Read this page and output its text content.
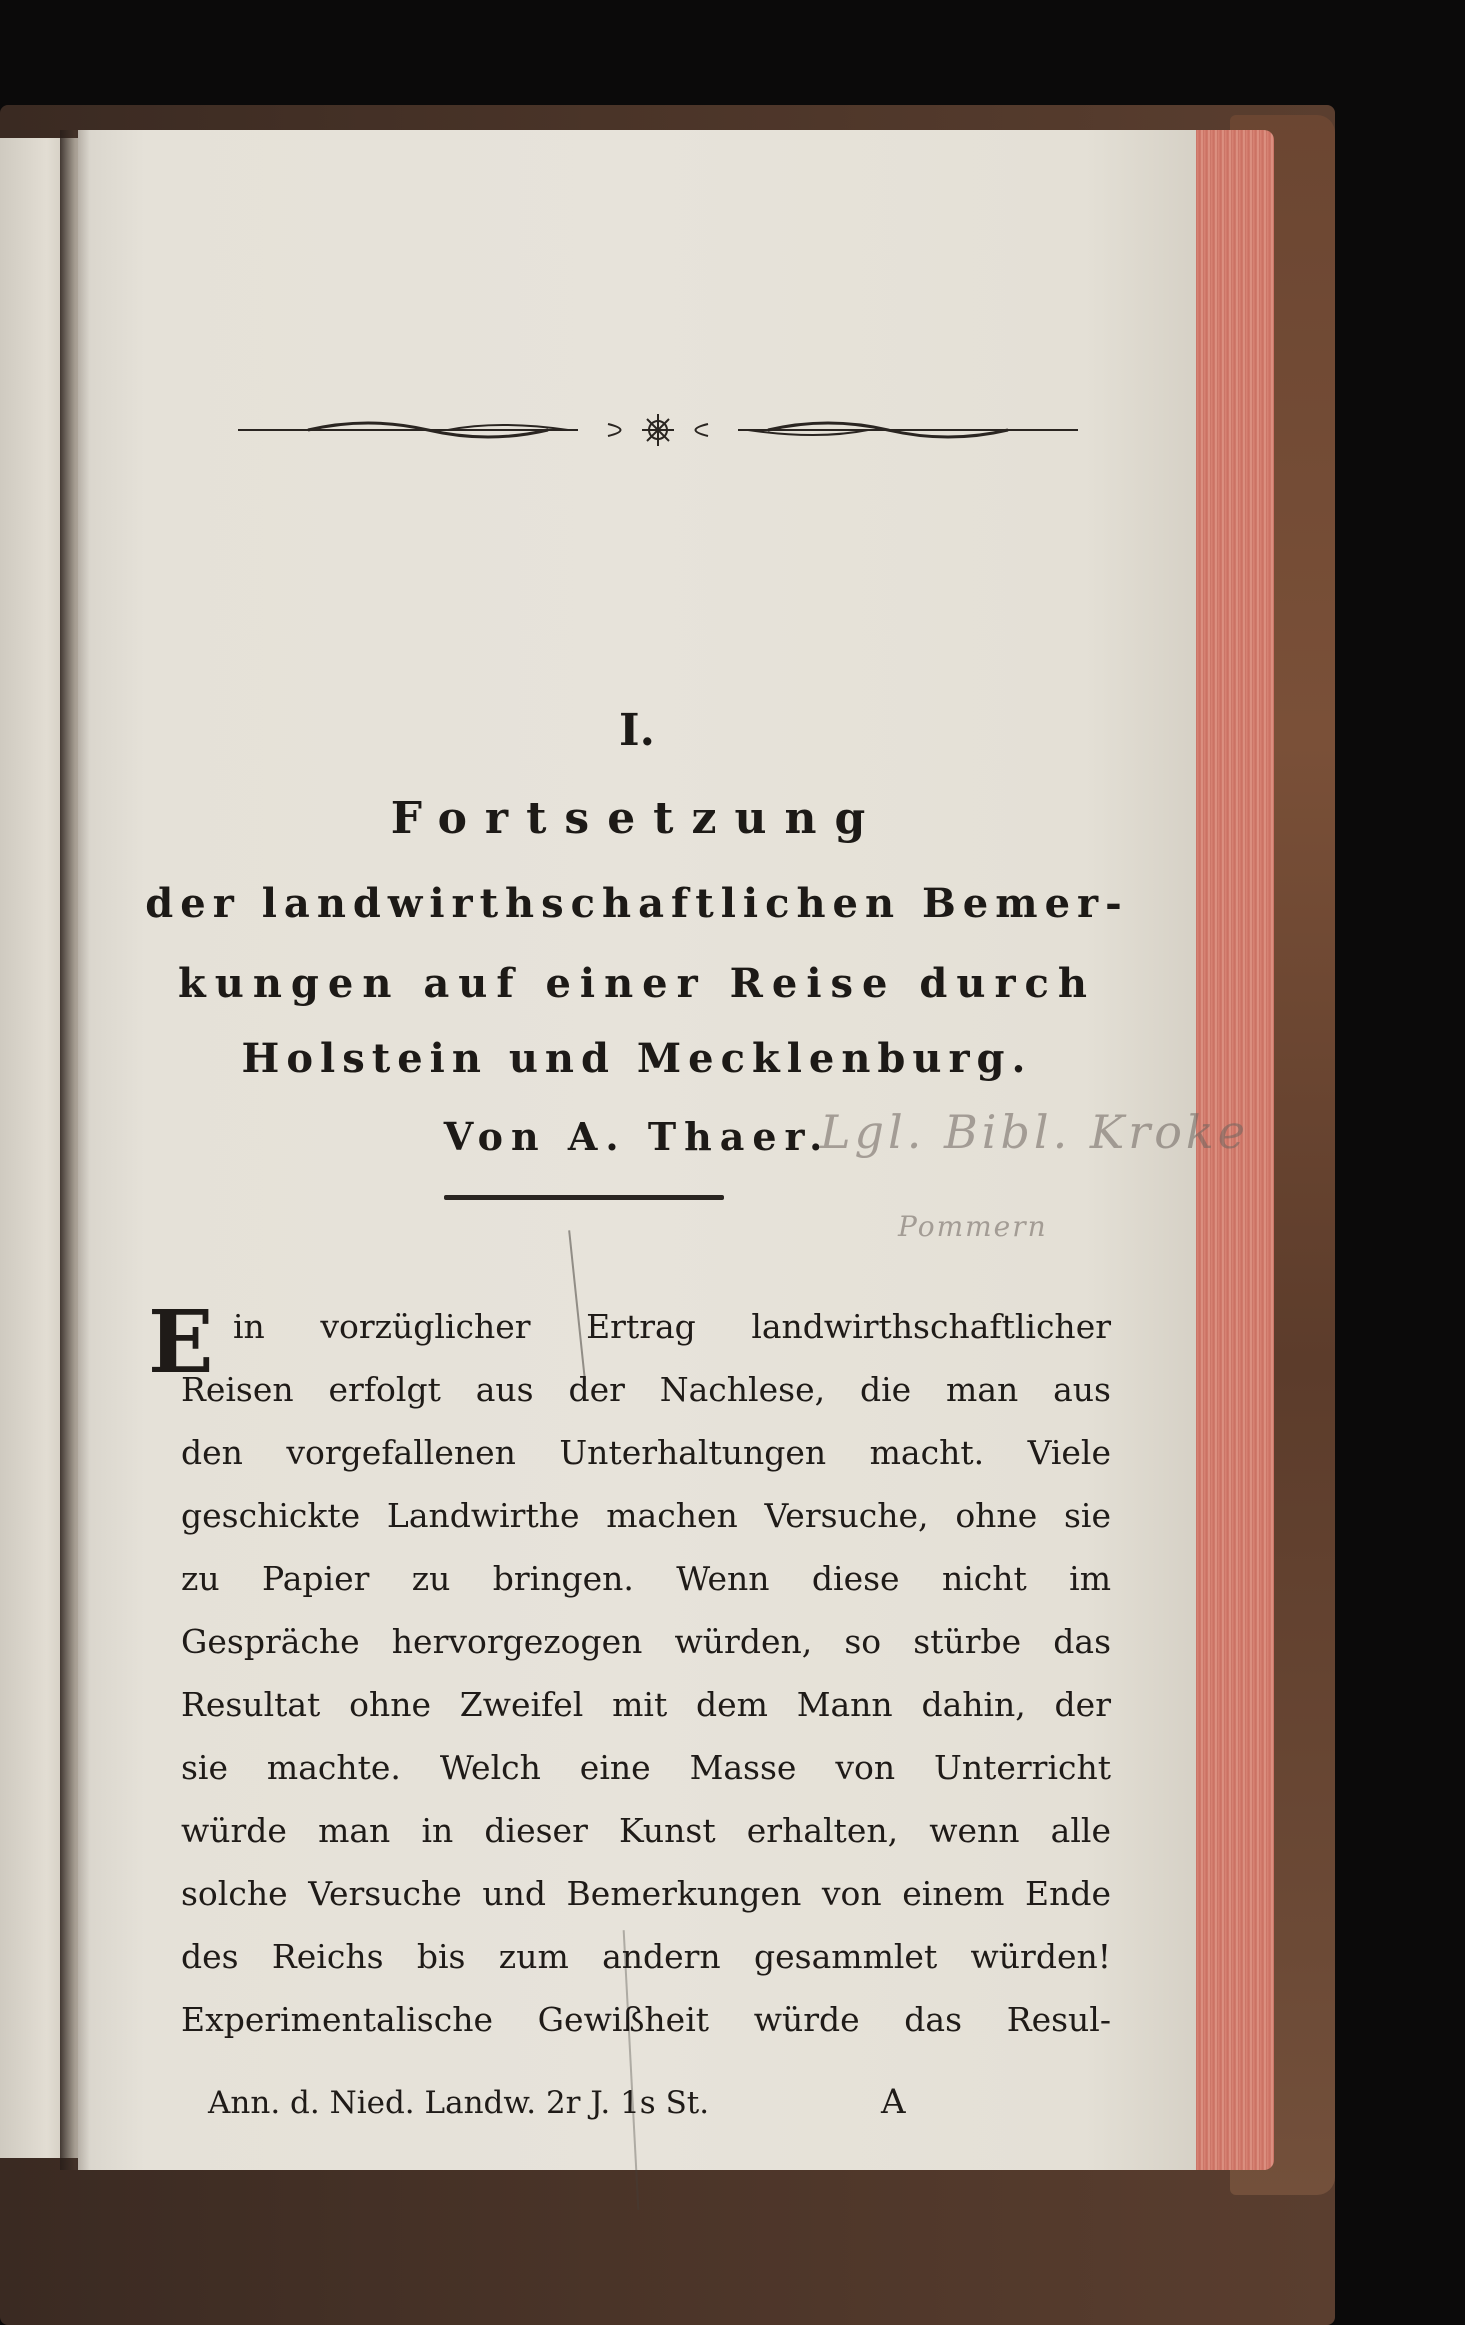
I.
Fortsetzung
der landwirthschaftlichen Bemer-
kungen auf einer Reise durch
Holstein und Mecklenburg.
Von A. Thaer.
Lgl. Bibl. Kroke
Pommern
E in vorzüglicher Ertrag landwirthschaftlicher
Reisen erfolgt aus der Nachlese, die man aus
den vorgefallenen Unterhaltungen macht. Viele
geschickte Landwirthe machen Versuche, ohne sie
zu Papier zu bringen. Wenn diese nicht im
Gespräche hervorgezogen würden, so stürbe das
Resultat ohne Zweifel mit dem Mann dahin, der
sie machte. Welch eine Masse von Unterricht
würde man in dieser Kunst erhalten, wenn alle
solche Versuche und Bemerkungen von einem Ende
des Reichs bis zum andern gesammlet würden!
Experimentalische Gewißheit würde das Resul-
Ann. d. Nied. Landw. 2r J. 1s St.	A
